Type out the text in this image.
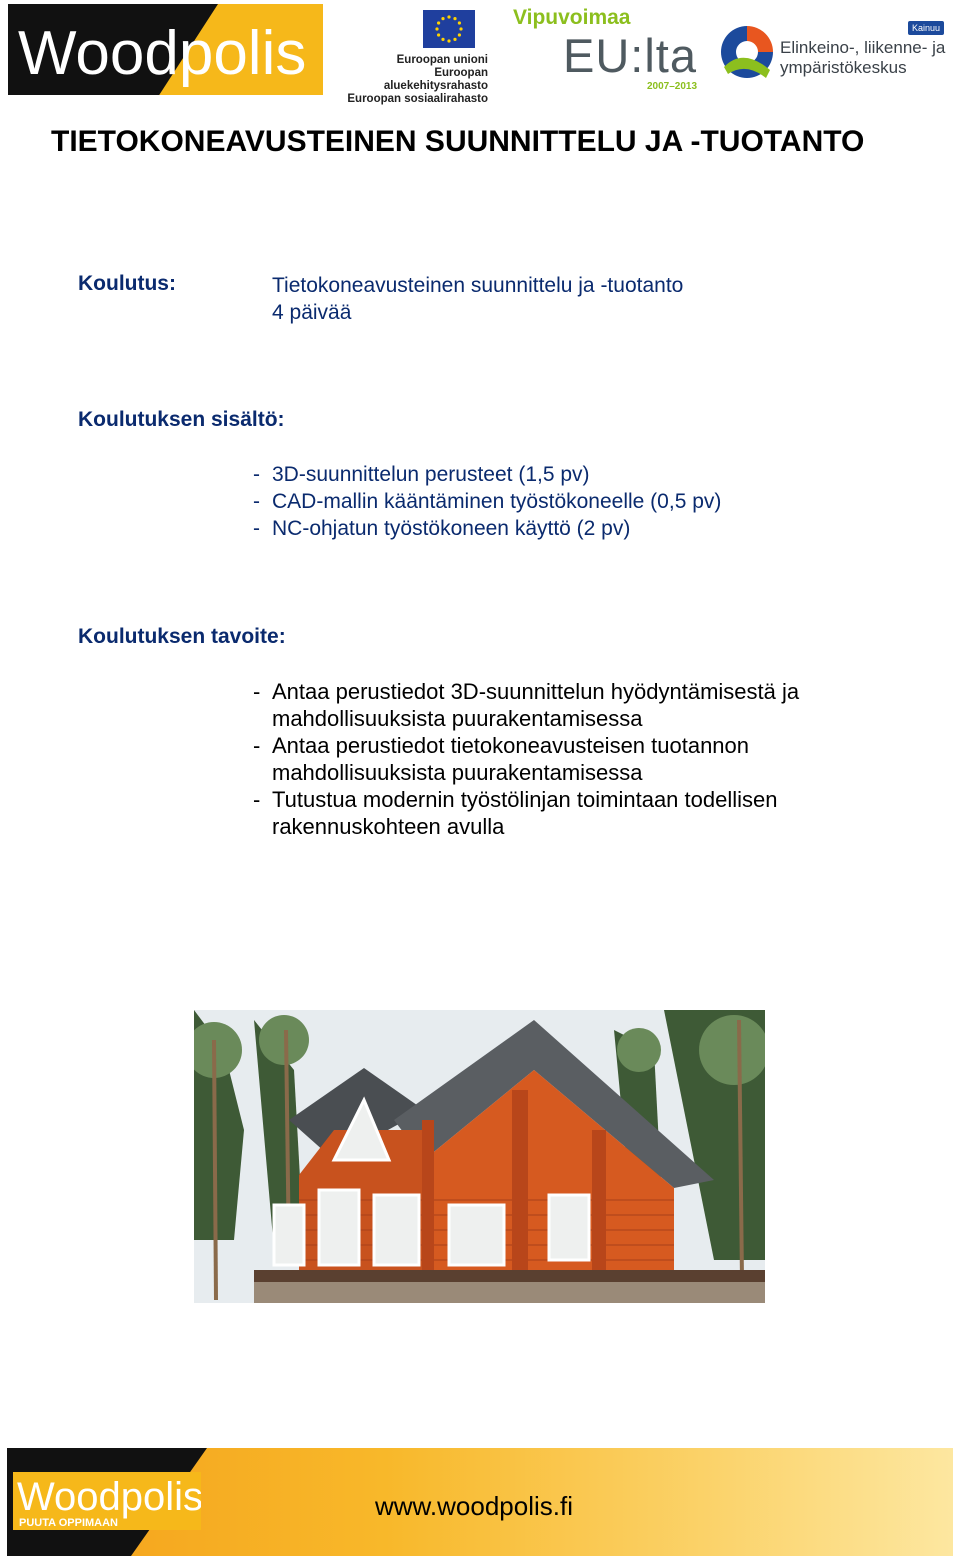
Woodpolis	Euroopan unioni
Euroopan aluekehitysrahasto
Euroopan sosiaalirahasto
Vipuvoimaa
EU:lta
2007–2013
Kainuu
Elinkeino-, liikenne- ja
ympäristökeskus
TIETOKONEAVUSTEINEN SUUNNITTELU JA -TUOTANTO
Koulutus:	Tietokoneavusteinen suunnittelu ja -tuotanto
4 päivää
Koulutuksen sisältö:
- 3D-suunnittelun perusteet (1,5 pv)
- CAD-mallin kääntäminen työstökoneelle (0,5 pv)
- NC-ohjatun työstökoneen käyttö (2 pv)
Koulutuksen tavoite:
- Antaa perustiedot 3D-suunnittelun hyödyntämisestä ja
mahdollisuuksista puurakentamisessa
- Antaa perustiedot tietokoneavusteisen tuotannon
mahdollisuuksista puurakentamisessa
- Tutustua modernin työstölinjan toimintaan todellisen
rakennuskohteen avulla
Woodpolis
PUUTA OPPIMAAN
www.woodpolis.fi
